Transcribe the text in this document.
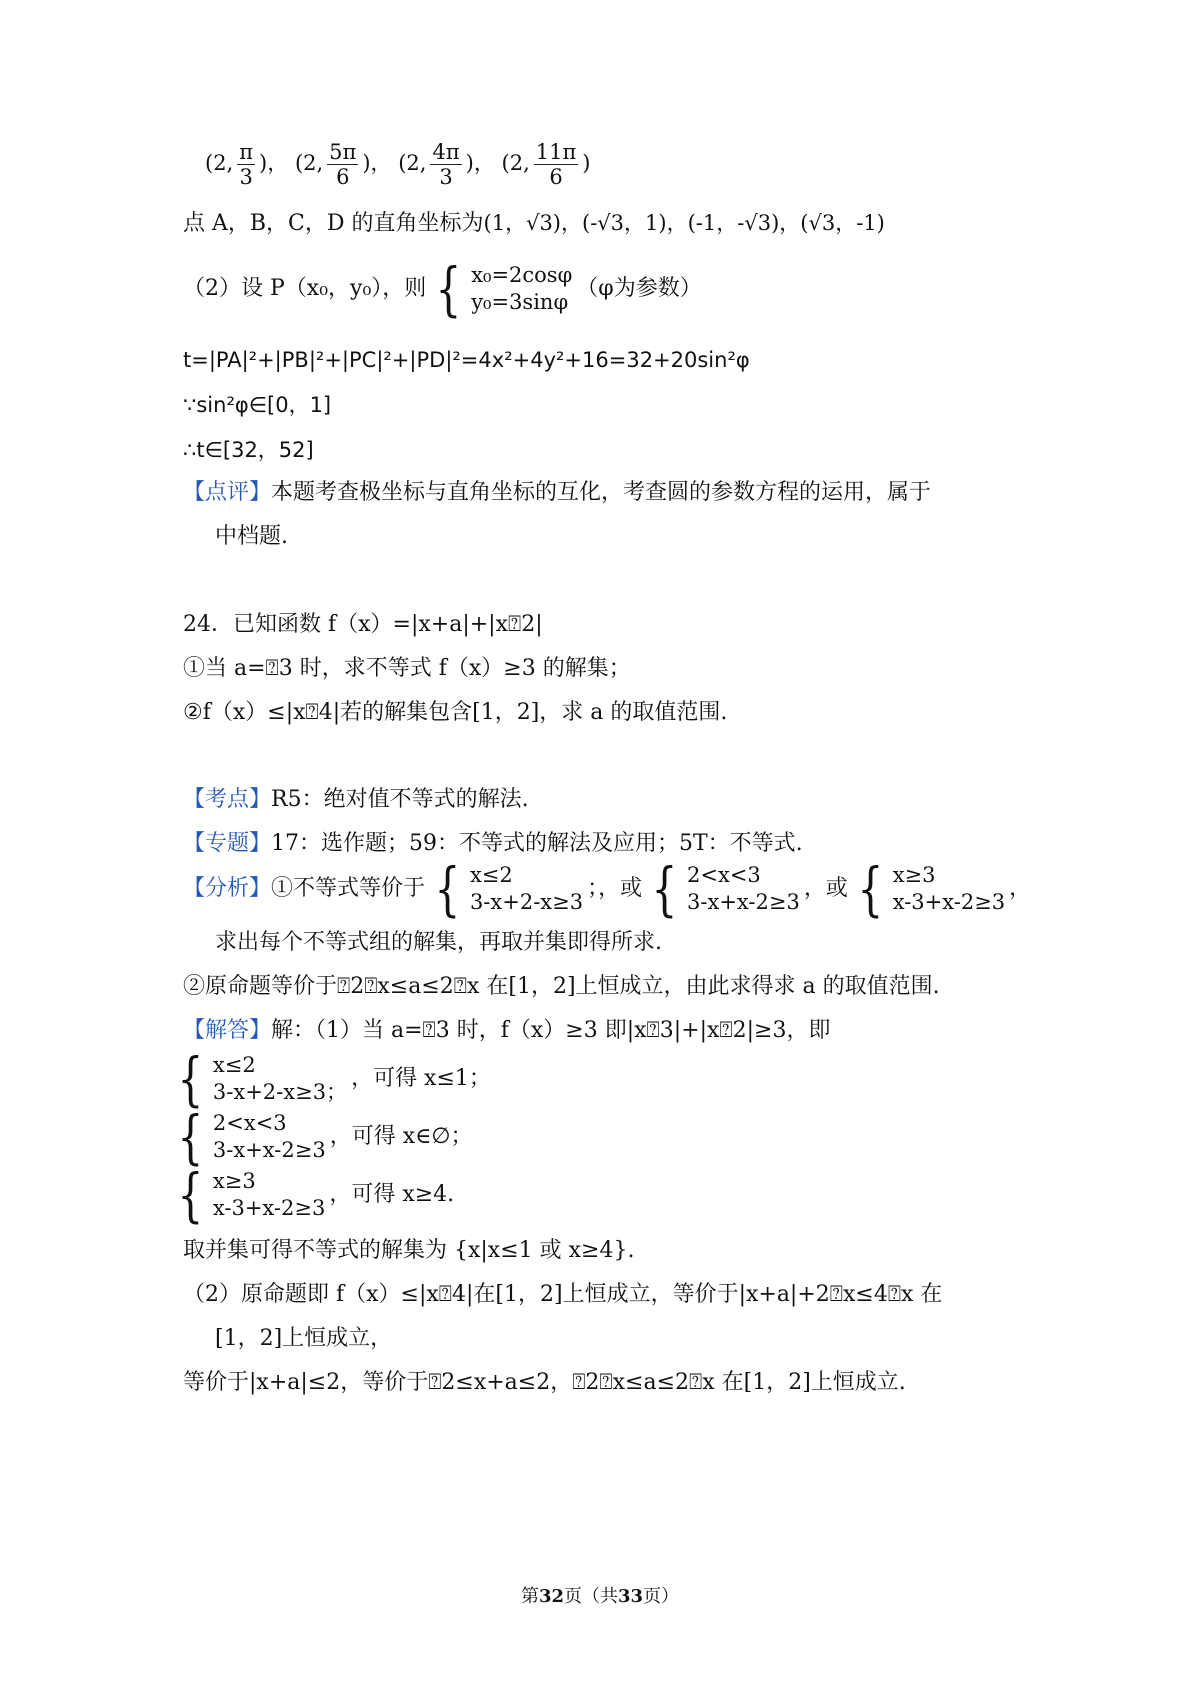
(2, $\frac{\pi}{3}$ )， (2, $\frac{5\pi}{6}$ )， (2, $\frac{4\pi}{3}$ )， (2, $\frac{11\pi}{6}$ )
点 A，B，C，D 的直角坐标为(1，√3)，(-√3，1)，(-1，-√3)，(√3，-1)
（2）设 P（x₀，y₀），则 { x₀=2cosφ
y₀=3sinφ
（φ为参数）
t=|PA|²+|PB|²+|PC|²+|PD|²=4x²+4y²+16=32+20sin²φ
∵sin²φ∈[0，1]
∴t∈[32，52]
【点评】本题考查极坐标与直角坐标的互化，考查圆的参数方程的运用，属于
中档题.
24．已知函数 f（x）=|x+a|+|x⍰2|
①当 a=⍰3 时，求不等式 f（x）≥3 的解集；
②f（x）≤|x⍰4|若的解集包含[1，2]，求 a 的取值范围.
【考点】R5：绝对值不等式的解法.
【专题】17：选作题；59：不等式的解法及应用；5T：不等式.
【分析】①不等式等价于 { x≤2
3-x+2-x≥3
；，或 { 2<x<3
3-x+x-2≥3
，或 { x≥3
x-3+x-2≥3
，
求出每个不等式组的解集，再取并集即得所求.
②原命题等价于⍰2⍰x≤a≤2⍰x 在[1，2]上恒成立，由此求得求 a 的取值范围.
【解答】解：（1）当 a=⍰3 时，f（x）≥3 即|x⍰3|+|x⍰2|≥3，即
{ x≤2
3-x+2-x≥3；
，可得 x≤1；
{ 2<x<3
3-x+x-2≥3
，可得 x∈∅；
{ x≥3
x-3+x-2≥3
，可得 x≥4.
取并集可得不等式的解集为 {x|x≤1 或 x≥4}.
（2）原命题即 f（x）≤|x⍰4|在[1，2]上恒成立，等价于|x+a|+2⍰x≤4⍰x 在
[1，2]上恒成立，
等价于|x+a|≤2，等价于⍰2≤x+a≤2，⍰2⍰x≤a≤2⍰x 在[1，2]上恒成立.
第32页（共33页）
